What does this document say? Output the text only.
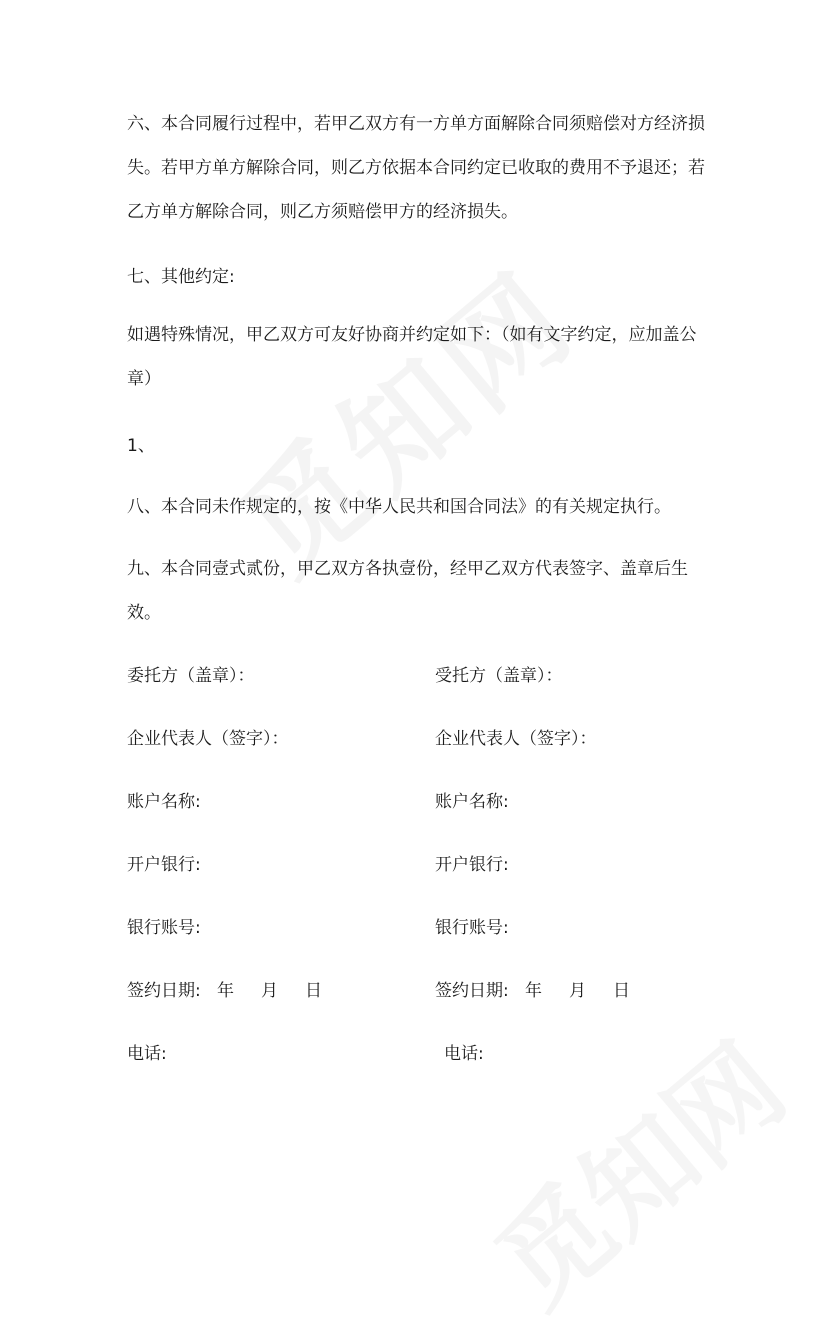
六、本合同履行过程中，若甲乙双方有一方单方面解除合同须赔偿对方经济损失。若甲方单方解除合同，则乙方依据本合同约定已收取的费用不予退还；若乙方单方解除合同，则乙方须赔偿甲方的经济损失。

七、其他约定:

如遇特殊情况，甲乙双方可友好协商并约定如下：（如有文字约定，应加盖公章）

1、

八、本合同未作规定的，按《中华人民共和国合同法》的有关规定执行。

九、本合同壹式贰份，甲乙双方各执壹份，经甲乙双方代表签字、盖章后生效。

委托方（盖章）：
企业代表人（签字）：
账户名称:
开户银行:
银行账号:
签约日期:   年     月     日
电话:
受托方（盖章）：
企业代表人（签字）：
账户名称:
开户银行:
银行账号:
签约日期:   年     月     日
电话:
